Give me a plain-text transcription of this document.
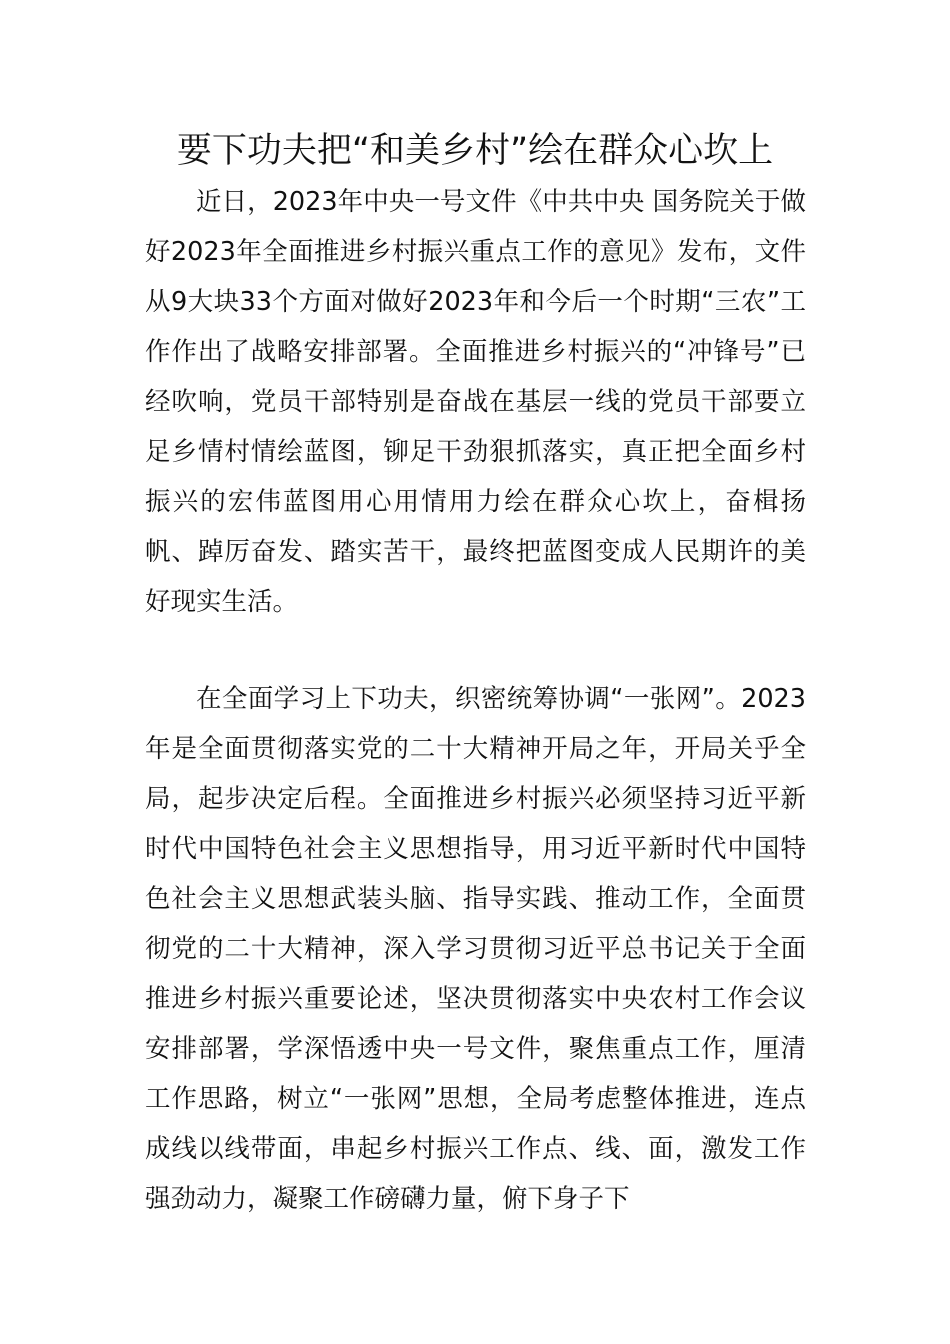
要下功夫把“和美乡村”绘在群众心坎上

近日，2023年中央一号文件《中共中央 国务院关于做好2023年全面推进乡村振兴重点工作的意见》发布，文件从9大块33个方面对做好2023年和今后一个时期“三农”工作作出了战略安排部署。全面推进乡村振兴的“冲锋号”已经吹响，党员干部特别是奋战在基层一线的党员干部要立足乡情村情绘蓝图，铆足干劲狠抓落实，真正把全面乡村振兴的宏伟蓝图用心用情用力绘在群众心坎上，奋楫扬帆、踔厉奋发、踏实苦干，最终把蓝图变成人民期许的美好现实生活。

在全面学习上下功夫，织密统筹协调“一张网”。2023年是全面贯彻落实党的二十大精神开局之年，开局关乎全局，起步决定后程。全面推进乡村振兴必须坚持习近平新时代中国特色社会主义思想指导，用习近平新时代中国特色社会主义思想武装头脑、指导实践、推动工作，全面贯彻党的二十大精神，深入学习贯彻习近平总书记关于全面推进乡村振兴重要论述，坚决贯彻落实中央农村工作会议安排部署，学深悟透中央一号文件，聚焦重点工作，厘清工作思路，树立“一张网”思想，全局考虑整体推进，连点成线以线带面，串起乡村振兴工作点、线、面，激发工作强劲动力，凝聚工作磅礴力量，俯下身子下
